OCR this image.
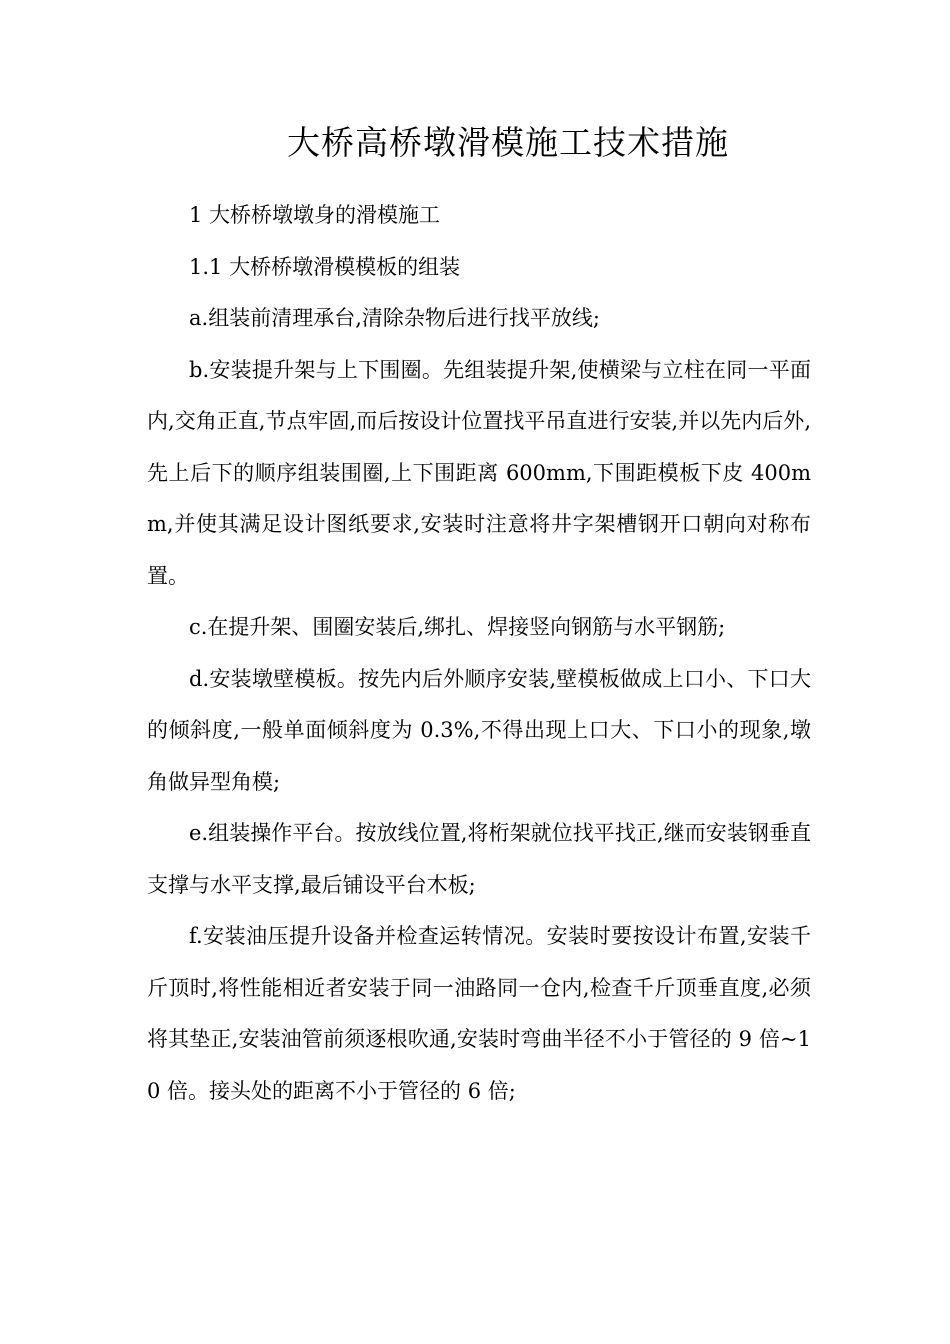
大桥高桥墩滑模施工技术措施

1 大桥桥墩墩身的滑模施工

1.1 大桥桥墩滑模模板的组装

a.组装前清理承台,清除杂物后进行找平放线;

b.安装提升架与上下围圈。先组装提升架,使横梁与立柱在同一平面内,交角正直,节点牢固,而后按设计位置找平吊直进行安装,并以先内后外,先上后下的顺序组装围圈,上下围距离 600mm,下围距模板下皮 400mm,并使其满足设计图纸要求,安装时注意将井字架槽钢开口朝向对称布置。

c.在提升架、围圈安装后,绑扎、焊接竖向钢筋与水平钢筋;

d.安装墩壁模板。按先内后外顺序安装,壁模板做成上口小、下口大的倾斜度,一般单面倾斜度为 0.3%,不得出现上口大、下口小的现象,墩角做异型角模;

e.组装操作平台。按放线位置,将桁架就位找平找正,继而安装钢垂直支撑与水平支撑,最后铺设平台木板;

f.安装油压提升设备并检查运转情况。安装时要按设计布置,安装千斤顶时,将性能相近者安装于同一油路同一仓内,检查千斤顶垂直度,必须将其垫正,安装油管前须逐根吹通,安装时弯曲半径不小于管径的 9 倍~10 倍。接头处的距离不小于管径的 6 倍;
